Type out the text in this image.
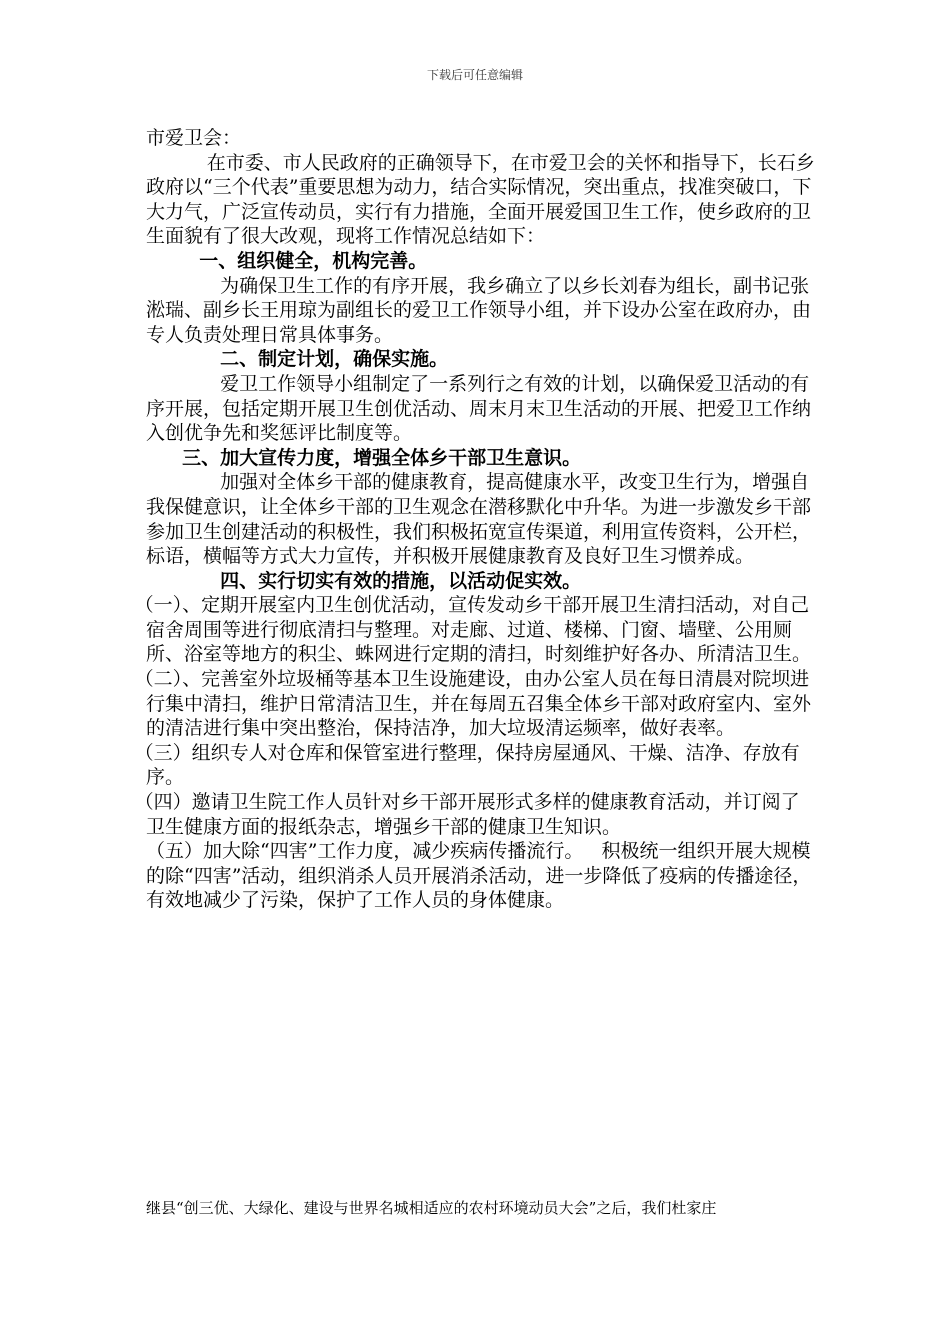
下载后可任意编辑

市爱卫会：

在市委、市人民政府的正确领导下，在市爱卫会的关怀和指导下，长石乡政府以“三个代表”重要思想为动力，结合实际情况，突出重点，找准突破口，下大力气，广泛宣传动员，实行有力措施，全面开展爱国卫生工作，使乡政府的卫生面貌有了很大改观，现将工作情况总结如下：

一、组织健全，机构完善。

为确保卫生工作的有序开展，我乡确立了以乡长刘春为组长，副书记张淞瑞、副乡长王用琼为副组长的爱卫工作领导小组，并下设办公室在政府办，由专人负责处理日常具体事务。

二、制定计划，确保实施。

爱卫工作领导小组制定了一系列行之有效的计划，以确保爱卫活动的有序开展，包括定期开展卫生创优活动、周末月末卫生活动的开展、把爱卫工作纳入创优争先和奖惩评比制度等。

三、加大宣传力度，增强全体乡干部卫生意识。

加强对全体乡干部的健康教育，提高健康水平，改变卫生行为，增强自我保健意识，让全体乡干部的卫生观念在潜移默化中升华。为进一步激发乡干部参加卫生创建活动的积极性，我们积极拓宽宣传渠道，利用宣传资料，公开栏，标语，横幅等方式大力宣传，并积极开展健康教育及良好卫生习惯养成。

四、实行切实有效的措施，以活动促实效。

（一）、定期开展室内卫生创优活动，宣传发动乡干部开展卫生清扫活动，对自己宿舍周围等进行彻底清扫与整理。对走廊、过道、楼梯、门窗、墙壁、公用厕所、浴室等地方的积尘、蛛网进行定期的清扫，时刻维护好各办、所清洁卫生。

（二）、完善室外垃圾桶等基本卫生设施建设，由办公室人员在每日清晨对院坝进行集中清扫，维护日常清洁卫生，并在每周五召集全体乡干部对政府室内、室外的清洁进行集中突出整治，保持洁净，加大垃圾清运频率，做好表率。

（三）组织专人对仓库和保管室进行整理，保持房屋通风、干燥、洁净、存放有序。

（四）邀请卫生院工作人员针对乡干部开展形式多样的健康教育活动，并订阅了卫生健康方面的报纸杂志，增强乡干部的健康卫生知识。

（五）加大除“四害”工作力度，减少疾病传播流行。   积极统一组织开展大规模的除“四害”活动，组织消杀人员开展消杀活动，进一步降低了疫病的传播途径，有效地减少了污染，保护了工作人员的身体健康。

继县“创三优、大绿化、建设与世界名城相适应的农村环境动员大会”之后，我们杜家庄
